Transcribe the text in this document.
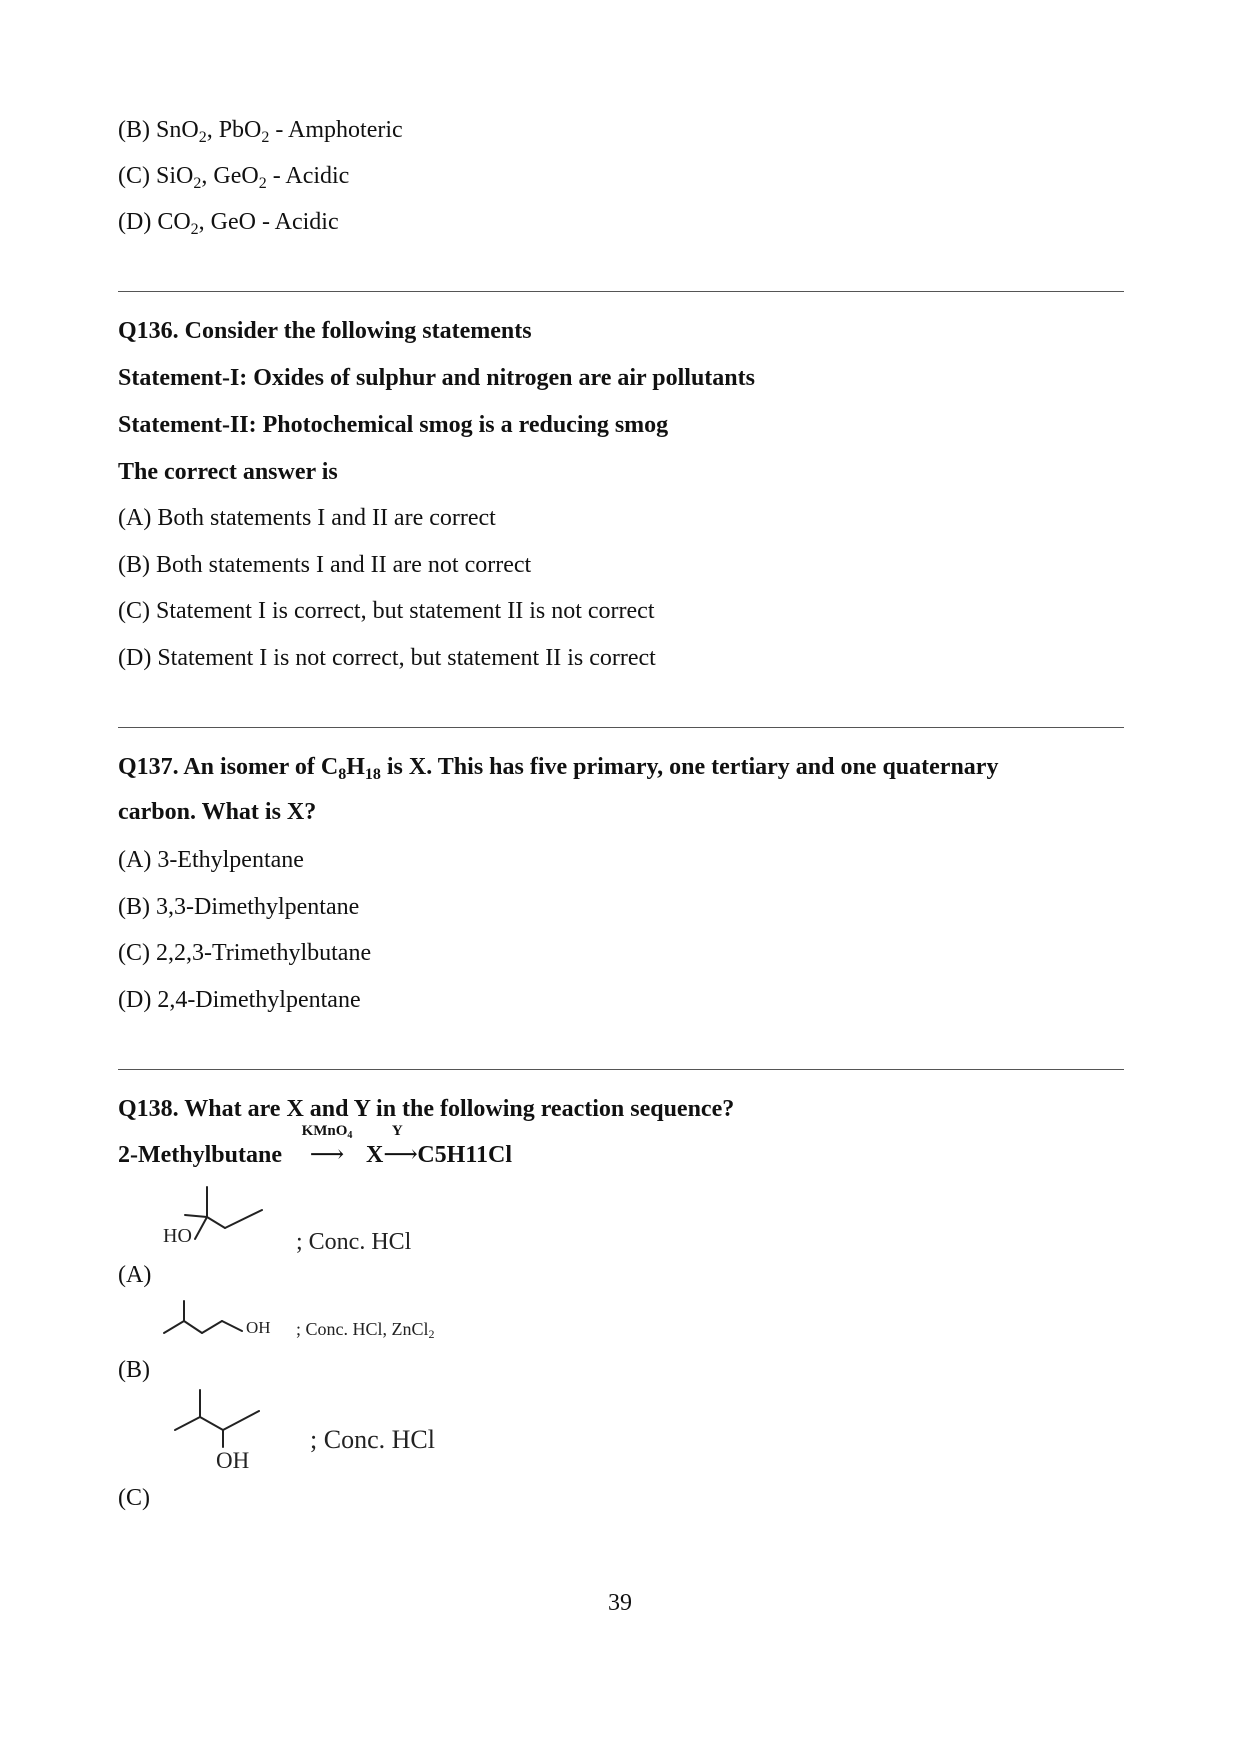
(B) SnO$_2$, PbO$_2$ - Amphoteric
(C) SiO$_2$, GeO$_2$ - Acidic
(D) $CO_2$, GeO - Acidic
Q136. Consider the following statements
Statement-I: Oxides of sulphur and nitrogen are air pollutants
Statement-II: Photochemical smog is a reducing smog
The correct answer is
(A) Both statements I and II are correct
(B) Both statements I and II are not correct
(C) Statement I is correct, but statement II is not correct
(D) Statement I is not correct, but statement II is correct
Q137. An isomer of $C_8H_{18}$ is X. This has five primary, one tertiary and one quaternary
carbon. What is X?
(A) 3-Ethylpentane
(B) 3,3-Dimethylpentane
(C) 2,2,3-Trimethylbutane
(D) 2,4-Dimethylpentane
Q138. What are X and Y in the following reaction sequence?
2-Methylbutane
KMnO$_4$
⟶ X
Y
⟶ C5H11Cl
HO	; Conc. HCl
(A)
OH ; Conc. HCl, ZnCl2
(B)
OH
; Conc. HCl
(C)
39
